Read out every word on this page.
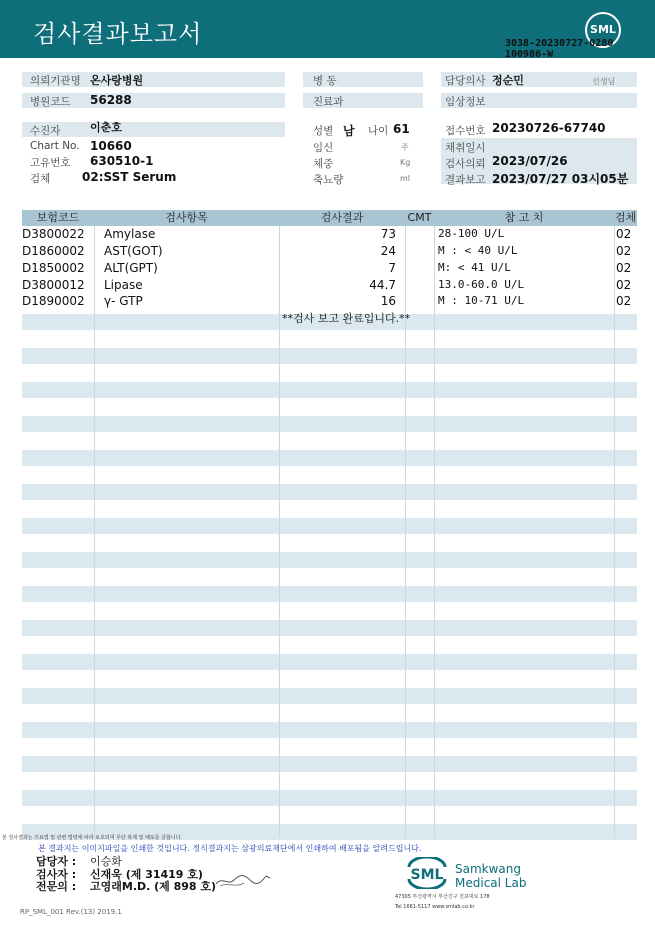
검사결과보고서	SML
3038-20230727-0280
100986-W
의뢰기관명 온사랑병원
병원코드 56288
수진자	이춘호
Chart No. 10660
고유번호 630510-1
검체	02:SST Serum
병 동
진료과
성별 남 나이 61
임신	주
체중	Kg
축뇨량	ml
담당의사 정순민	선생님
임상정보
접수번호 20230726-67740
채취일시
검사의뢰 2023/07/26
결과보고 2023/07/27 03시05분
보험코드	검사항목	검사결과	CMT	참 고 치	검체
D3800022 Amylase	73	28-100 U/L	02
D1860002 AST(GOT)	24	M : < 40 U/L	02
D1850002 ALT(GPT)	7	M: < 41 U/L	02
D3800012 Lipase	44.7	13.0-60.0 U/L	02
D1890002 γ- GTP	16	M : 10-71 U/L	02
**검사 보고 완료입니다.**
본 검사결과는 의료법 및 관련 법령에 따라 보호되며 무단 복제 및 배포를 금합니다.
본 결과지는 이미지파일을 인쇄한 것입니다. 정식결과지는 삼광의료재단에서 인쇄하여 배포됨을 알려드립니다.
담당자 : 이승화
검사자 : 신재욱 (제 31419 호)
전문의 : 고영래M.D. (제 898 호)
SML Samkwang
Medical Lab
47305 부산광역시 부산진구 전포대로 178
Tel 1661-5117 www.smlab.co.kr
RP_SML_001 Rev.(13) 2019.1
